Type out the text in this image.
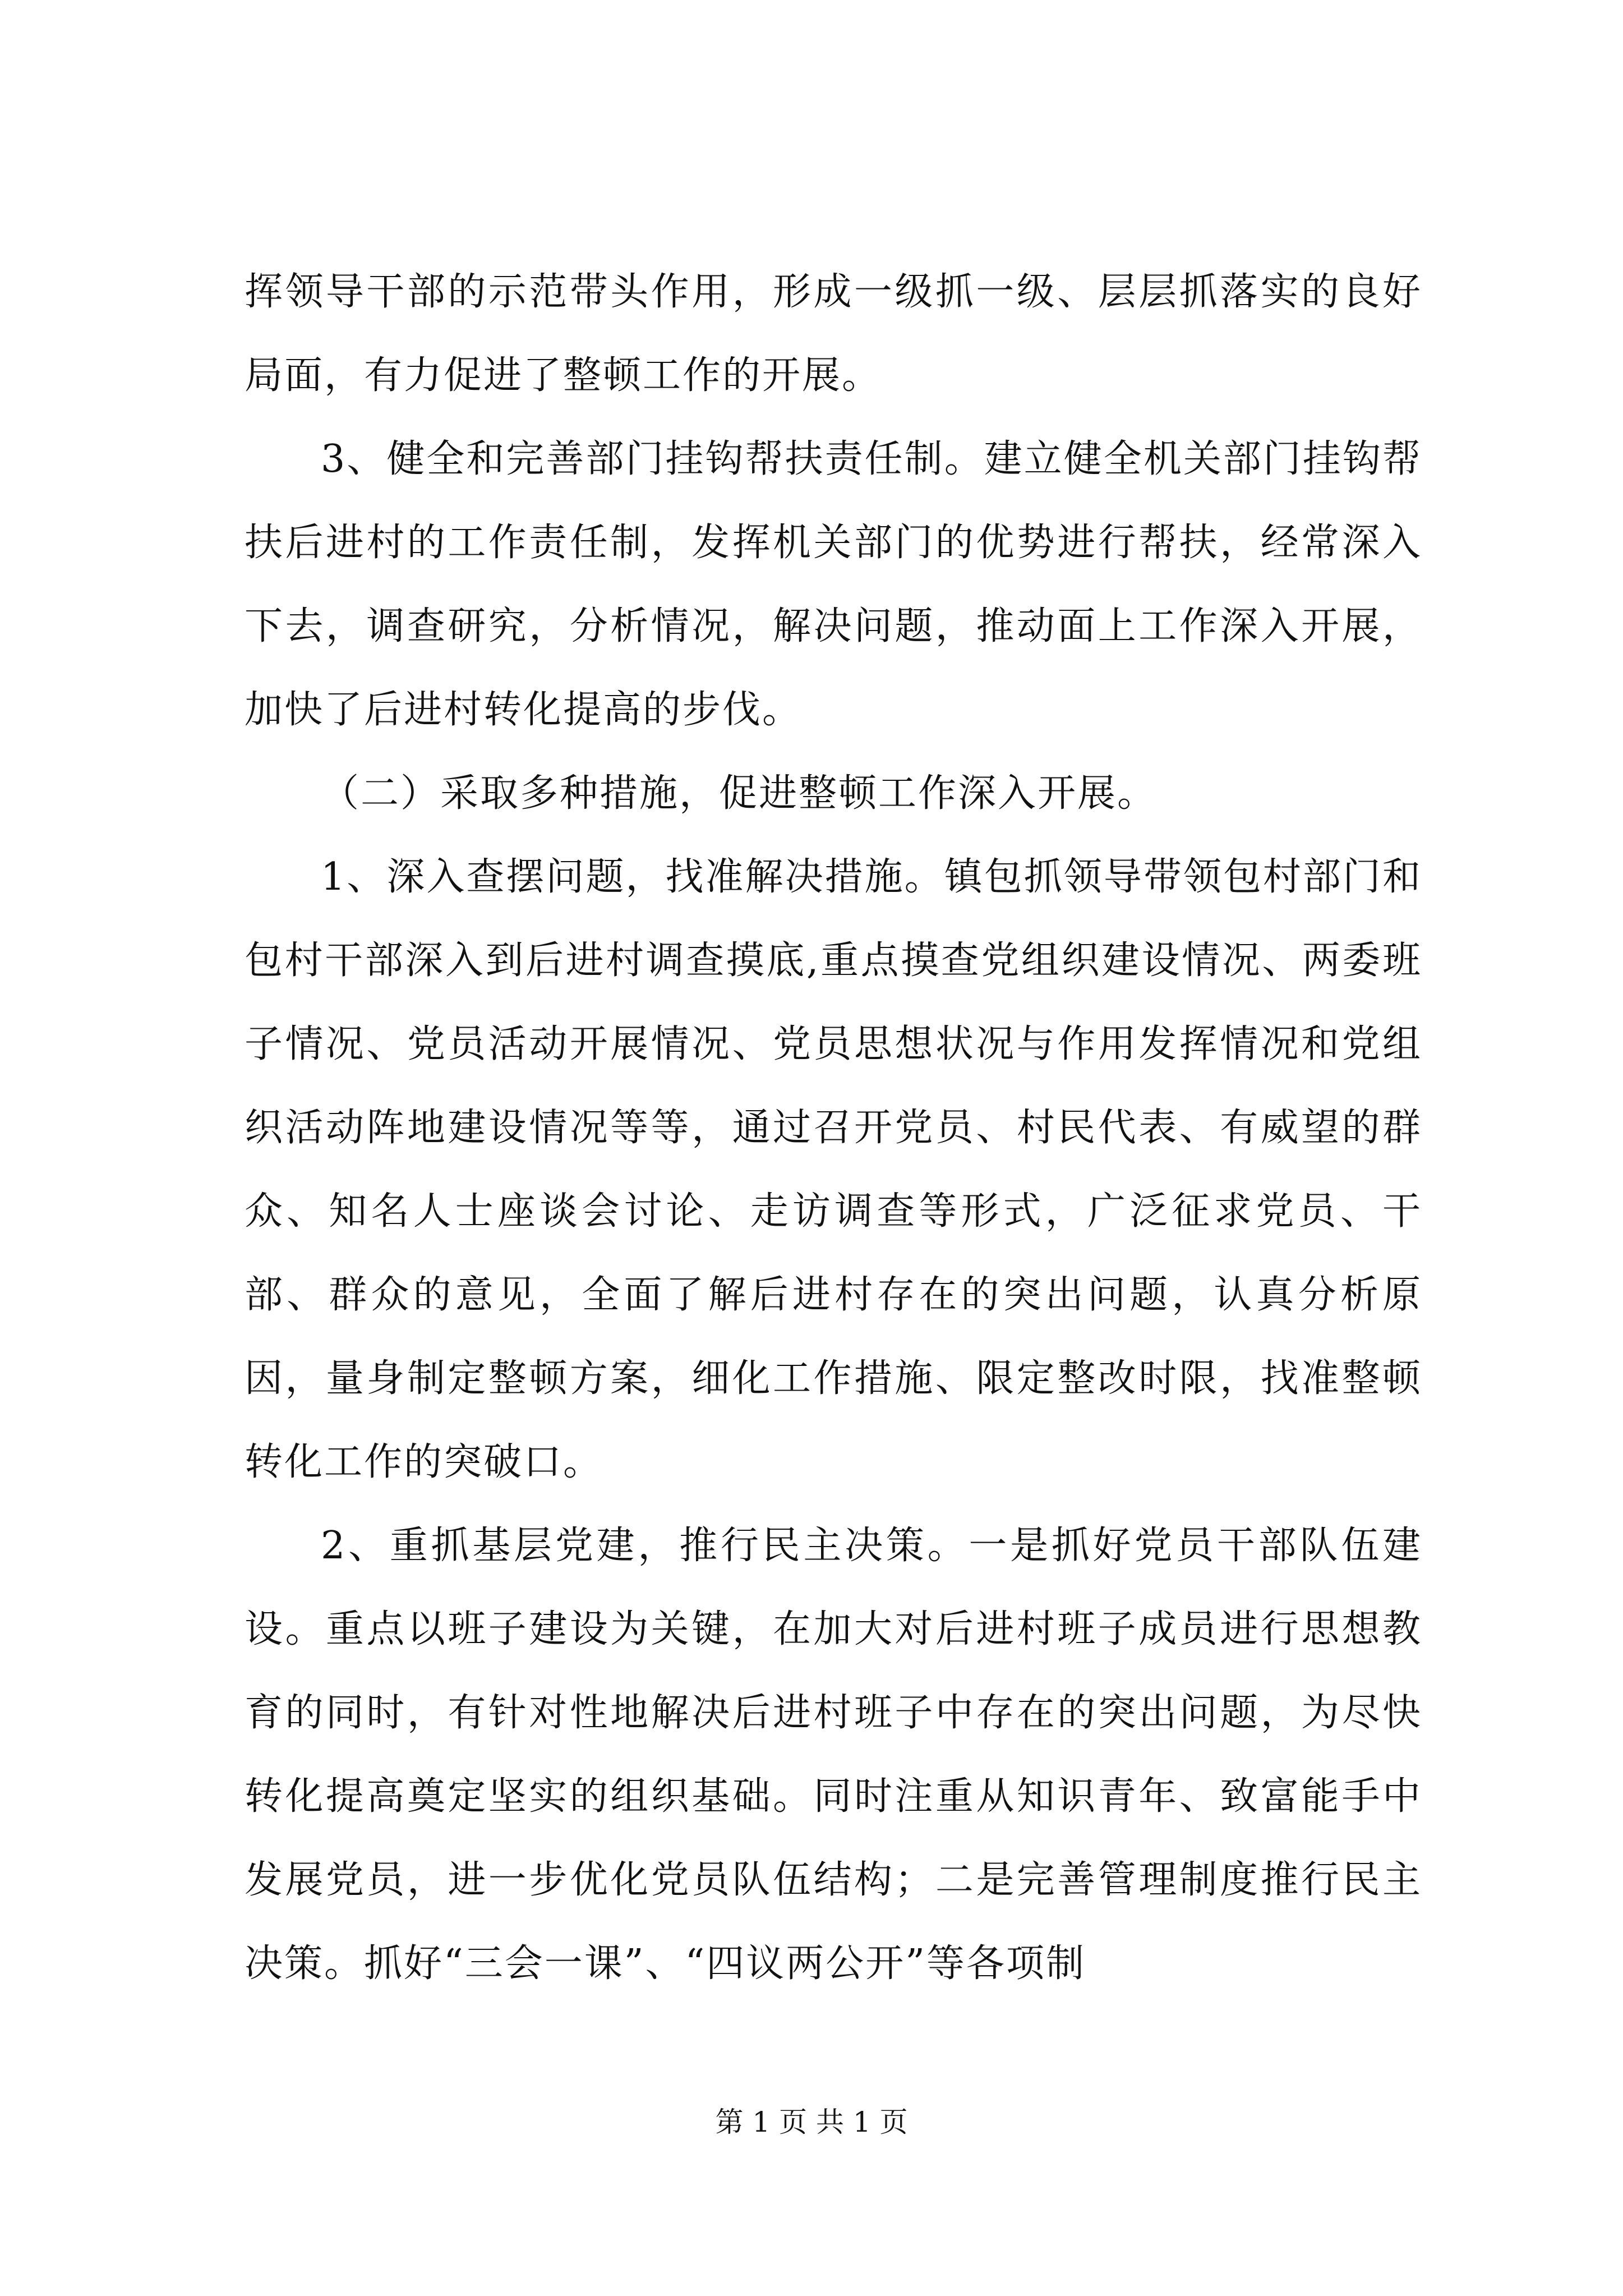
挥领导干部的示范带头作用，形成一级抓一级、层层抓落实的良好局面，有力促进了整顿工作的开展。

3、健全和完善部门挂钩帮扶责任制。建立健全机关部门挂钩帮扶后进村的工作责任制，发挥机关部门的优势进行帮扶，经常深入下去，调查研究，分析情况，解决问题，推动面上工作深入开展，加快了后进村转化提高的步伐。

（二）采取多种措施，促进整顿工作深入开展。

1、深入查摆问题，找准解决措施。镇包抓领导带领包村部门和包村干部深入到后进村调查摸底,重点摸查党组织建设情况、两委班子情况、党员活动开展情况、党员思想状况与作用发挥情况和党组织活动阵地建设情况等等，通过召开党员、村民代表、有威望的群众、知名人士座谈会讨论、走访调查等形式，广泛征求党员、干部、群众的意见，全面了解后进村存在的突出问题，认真分析原因，量身制定整顿方案，细化工作措施、限定整改时限，找准整顿转化工作的突破口。

2、重抓基层党建，推行民主决策。一是抓好党员干部队伍建设。重点以班子建设为关键，在加大对后进村班子成员进行思想教育的同时，有针对性地解决后进村班子中存在的突出问题，为尽快转化提高奠定坚实的组织基础。同时注重从知识青年、致富能手中发展党员，进一步优化党员队伍结构；二是完善管理制度推行民主决策。抓好“三会一课”、“四议两公开”等各项制

第 1 页 共 1 页
